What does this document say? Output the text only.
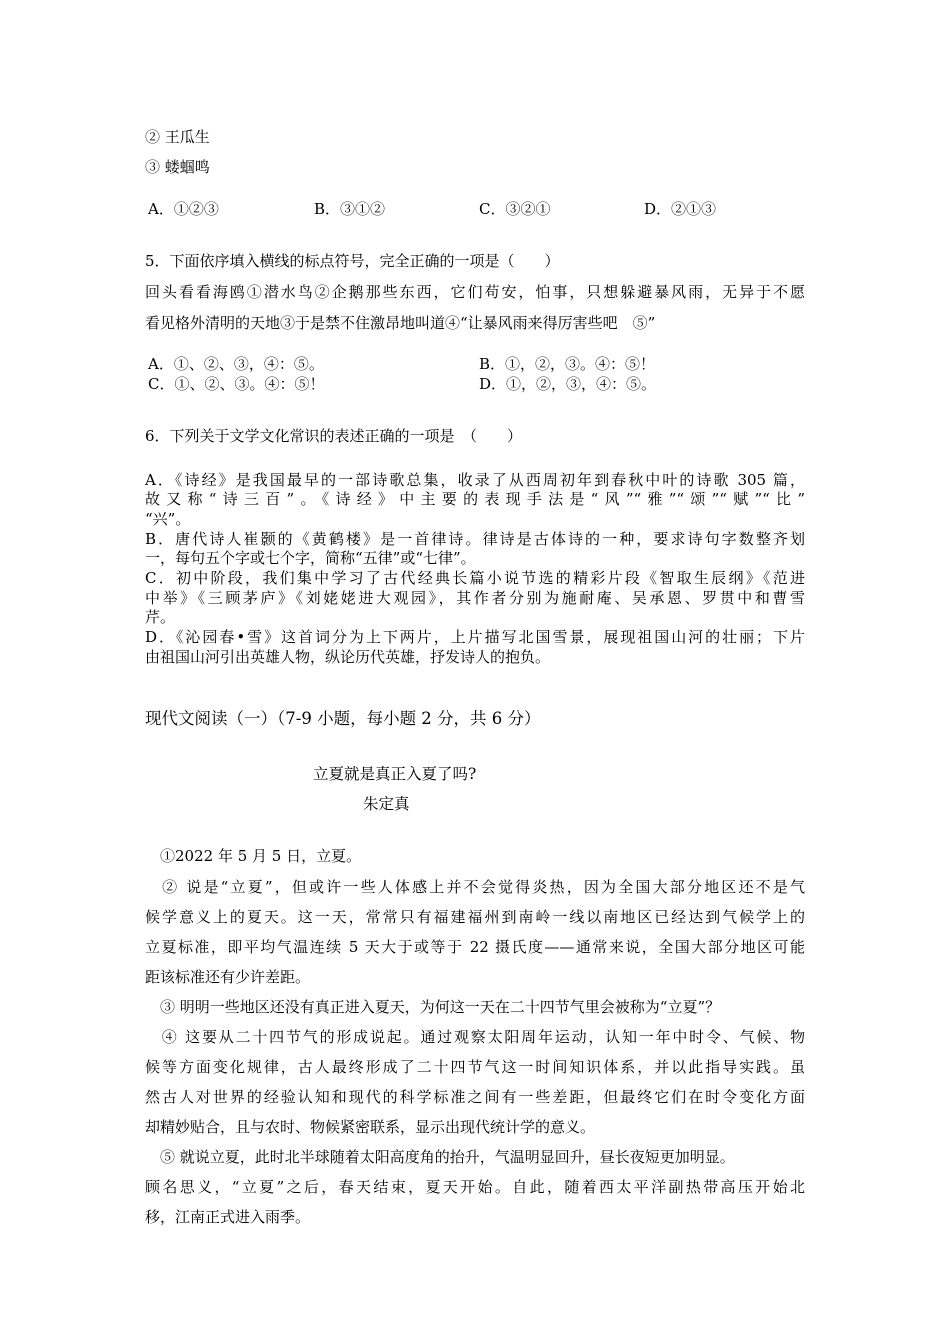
② 王瓜生
③ 蝼蝈鸣
A．①②③	B．③①②	C．③②①	D．②①③
5．下面依序填入横线的标点符号，完全正确的一项是（　　）
回头看看海鸥①潜水鸟②企鹅那些东西，它们苟安，怕事，只想躲避暴风雨，无异于不愿
看见格外清明的天地③于是禁不住激昂地叫道④“让暴风雨来得厉害些吧　⑤”
A．①、②、③，④：⑤。	B．①，②，③。④：⑤！
C．①、②、③。④：⑤！	D．①，②，③，④：⑤。
6．下列关于文学文化常识的表述正确的一项是　（　　）
A．《诗经》是我国最早的一部诗歌总集，收录了从西周初年到春秋中叶的诗歌 305 篇，
故又称“诗三百”。《诗经》中主要的表现手法是“风”“雅”“颂”“赋”“比”
“兴”。
B．唐代诗人崔颢的《黄鹤楼》是一首律诗。律诗是古体诗的一种，要求诗句字数整齐划
一，每句五个字或七个字，简称“五律”或“七律”。
C．初中阶段，我们集中学习了古代经典长篇小说节选的精彩片段《智取生辰纲》《范进
中举》《三顾茅庐》《刘姥姥进大观园》，其作者分别为施耐庵、吴承恩、罗贯中和曹雪
芹。
D．《沁园春•雪》这首词分为上下两片，上片描写北国雪景，展现祖国山河的壮丽；下片
由祖国山河引出英雄人物，纵论历代英雄，抒发诗人的抱负。
现代文阅读（一）（7-9 小题，每小题 2 分，共 6 分）
立夏就是真正入夏了吗?
朱定真
　①2022 年 5 月 5 日，立夏。
　② 说是“立夏”，但或许一些人体感上并不会觉得炎热，因为全国大部分地区还不是气
候学意义上的夏天。这一天，常常只有福建福州到南岭一线以南地区已经达到气候学上的
立夏标准，即平均气温连续 5 天大于或等于 22 摄氏度——通常来说，全国大部分地区可能
距该标准还有少许差距。
　③ 明明一些地区还没有真正进入夏天，为何这一天在二十四节气里会被称为“立夏”？
　④ 这要从二十四节气的形成说起。通过观察太阳周年运动，认知一年中时令、气候、物
候等方面变化规律，古人最终形成了二十四节气这一时间知识体系，并以此指导实践。虽
然古人对世界的经验认知和现代的科学标准之间有一些差距，但最终它们在时令变化方面
却精妙贴合，且与农时、物候紧密联系，显示出现代统计学的意义。
　⑤ 就说立夏，此时北半球随着太阳高度角的抬升，气温明显回升，昼长夜短更加明显。
顾名思义，“立夏”之后，春天结束，夏天开始。自此，随着西太平洋副热带高压开始北
移，江南正式进入雨季。
